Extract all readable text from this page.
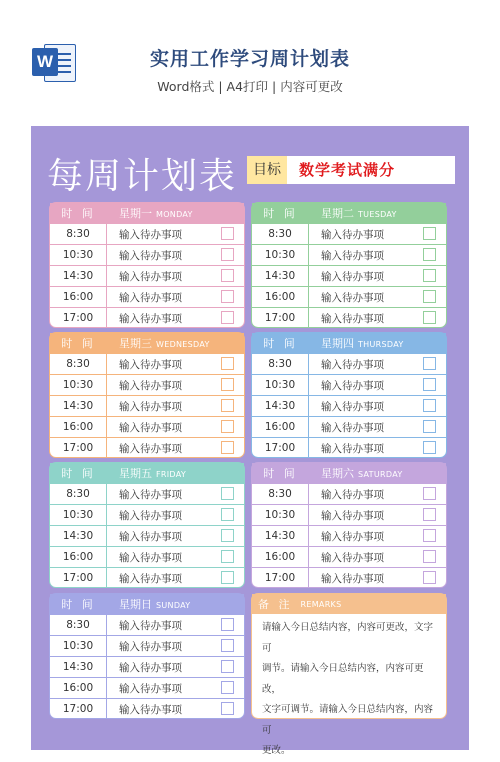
W	实用工作学习周计划表
Word格式 | A4打印 | 内容可更改
每周计划表	目标	数学考试满分
时 间	星期一 MONDAY
8:30	输入待办事项
10:30	输入待办事项
14:30	输入待办事项
16:00	输入待办事项
17:00	输入待办事项
时 间	星期二 TUESDAY
8:30	输入待办事项
10:30	输入待办事项
14:30	输入待办事项
16:00	输入待办事项
17:00	输入待办事项
时 间	星期三 WEDNESDAY
8:30	输入待办事项
10:30	输入待办事项
14:30	输入待办事项
16:00	输入待办事项
17:00	输入待办事项
时 间	星期四 THURSDAY
8:30	输入待办事项
10:30	输入待办事项
14:30	输入待办事项
16:00	输入待办事项
17:00	输入待办事项
时 间	星期五 FRIDAY
8:30	输入待办事项
10:30	输入待办事项
14:30	输入待办事项
16:00	输入待办事项
17:00	输入待办事项
时 间	星期六 SATURDAY
8:30	输入待办事项
10:30	输入待办事项
14:30	输入待办事项
16:00	输入待办事项
17:00	输入待办事项
时 间	星期日 SUNDAY
8:30	输入待办事项
10:30	输入待办事项
14:30	输入待办事项
16:00	输入待办事项
17:00	输入待办事项
备 注 REMARKS
请输入今日总结内容，内容可更改，文字可
调节。请输入今日总结内容，内容可更改，
文字可调节。请输入今日总结内容，内容可
更改。
